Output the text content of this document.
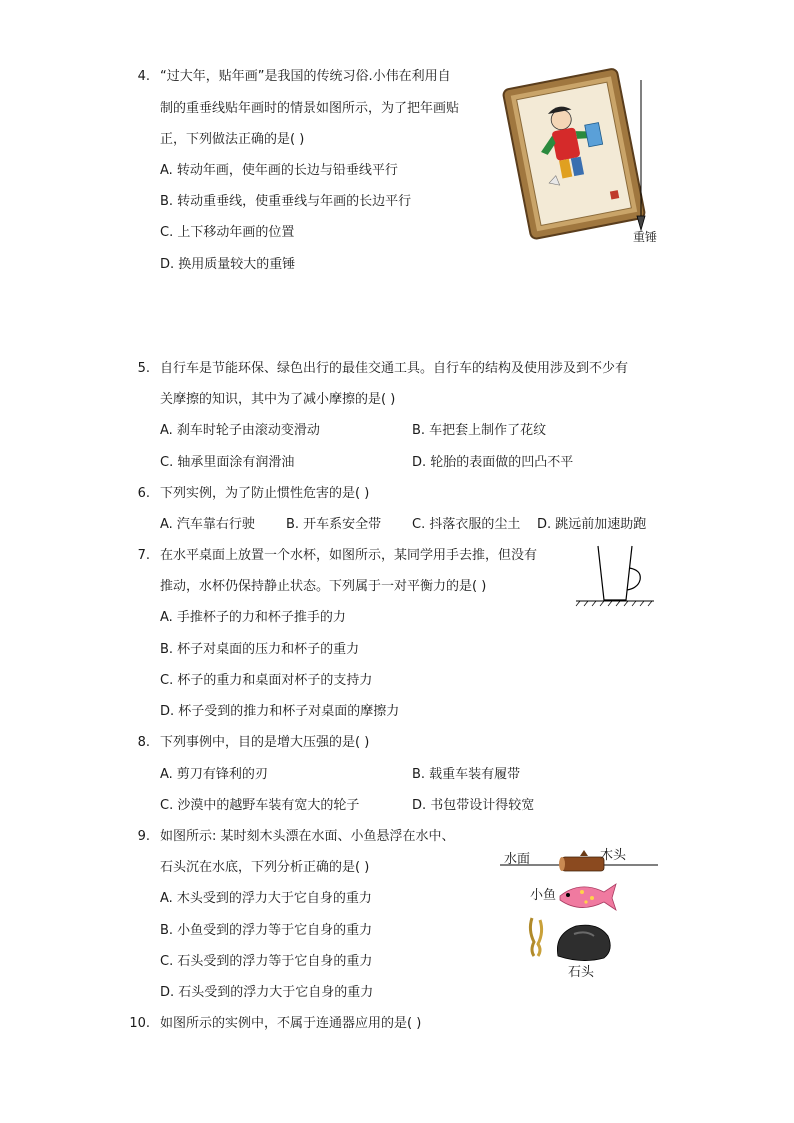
4. “过大年，贴年画”是我国的传统习俗.小伟在利用自
制的重垂线贴年画时的情景如图所示，为了把年画贴
正，下列做法正确的是( )
A. 转动年画，使年画的长边与铅垂线平行
B. 转动重垂线，使重垂线与年画的长边平行
C. 上下移动年画的位置
D. 换用质量较大的重锤
重锤
5. 自行车是节能环保、绿色出行的最佳交通工具。自行车的结构及使用涉及到不少有
关摩擦的知识，其中为了减小摩擦的是( )
A. 刹车时轮子由滚动变滑动	B. 车把套上制作了花纹
C. 轴承里面涂有润滑油	D. 轮胎的表面做的凹凸不平
6. 下列实例，为了防止惯性危害的是( )
A. 汽车靠右行驶 B. 开车系安全带 C. 抖落衣服的尘土 D. 跳远前加速助跑
7. 在水平桌面上放置一个水杯，如图所示，某同学用手去推，但没有
推动，水杯仍保持静止状态。下列属于一对平衡力的是( )
A. 手推杯子的力和杯子推手的力
B. 杯子对桌面的压力和杯子的重力
C. 杯子的重力和桌面对杯子的支持力
D. 杯子受到的推力和杯子对桌面的摩擦力
8. 下列事例中，目的是增大压强的是( )
A. 剪刀有锋利的刃	B. 载重车装有履带
C. 沙漠中的越野车装有宽大的轮子	D. 书包带设计得较宽
9. 如图所示: 某时刻木头漂在水面、小鱼悬浮在水中、
石头沉在水底，下列分析正确的是( )
A. 木头受到的浮力大于它自身的重力
B. 小鱼受到的浮力等于它自身的重力
C. 石头受到的浮力等于它自身的重力
D. 石头受到的浮力大于它自身的重力
水面	木头
小鱼
石头
10. 如图所示的实例中，不属于连通器应用的是( )
